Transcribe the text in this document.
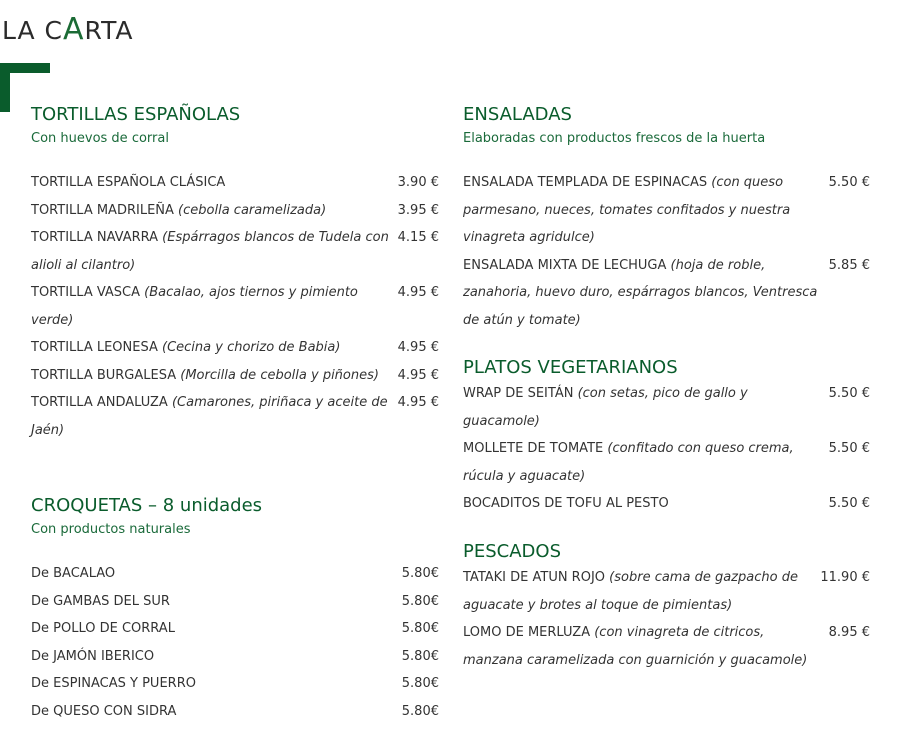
LA CARTA
TORTILLAS ESPAÑOLAS
Con huevos de corral
TORTILLA ESPAÑOLA CLÁSICA	3.90 €
TORTILLA MADRILEÑA (cebolla caramelizada)	3.95 €
TORTILLA NAVARRA (Espárragos blancos de Tudela con alioli al cilantro)
4.15 €
TORTILLA VASCA (Bacalao, ajos tiernos y pimiento verde)
4.95 €
TORTILLA LEONESA (Cecina y chorizo de Babia)	4.95 €
TORTILLA BURGALESA (Morcilla de cebolla y piñones)	4.95 €
TORTILLA ANDALUZA (Camarones, piriñaca y aceite de Jaén)
4.95 €
CROQUETAS – 8 unidades
Con productos naturales
De BACALAO	5.80€
De GAMBAS DEL SUR	5.80€
De POLLO DE CORRAL	5.80€
De JAMÓN IBERICO	5.80€
De ESPINACAS Y PUERRO	5.80€
De QUESO CON SIDRA	5.80€
ENSALADAS
Elaboradas con productos frescos de la huerta
ENSALADA TEMPLADA DE ESPINACAS (con queso parmesano, nueces, tomates confitados y nuestra vinagreta agridulce)
5.50 €
ENSALADA MIXTA DE LECHUGA (hoja de roble, zanahoria, huevo duro, espárragos blancos, Ventresca de atún y tomate)
5.85 €
PLATOS VEGETARIANOS
WRAP DE SEITÁN (con setas, pico de gallo y guacamole)
5.50 €
MOLLETE DE TOMATE (confitado con queso crema, rúcula y aguacate)
5.50 €
BOCADITOS DE TOFU AL PESTO	5.50 €
PESCADOS
TATAKI DE ATUN ROJO (sobre cama de gazpacho de aguacate y brotes al toque de pimientas)
11.90 €
LOMO DE MERLUZA (con vinagreta de citricos, manzana caramelizada con guarnición y guacamole)
8.95 €
